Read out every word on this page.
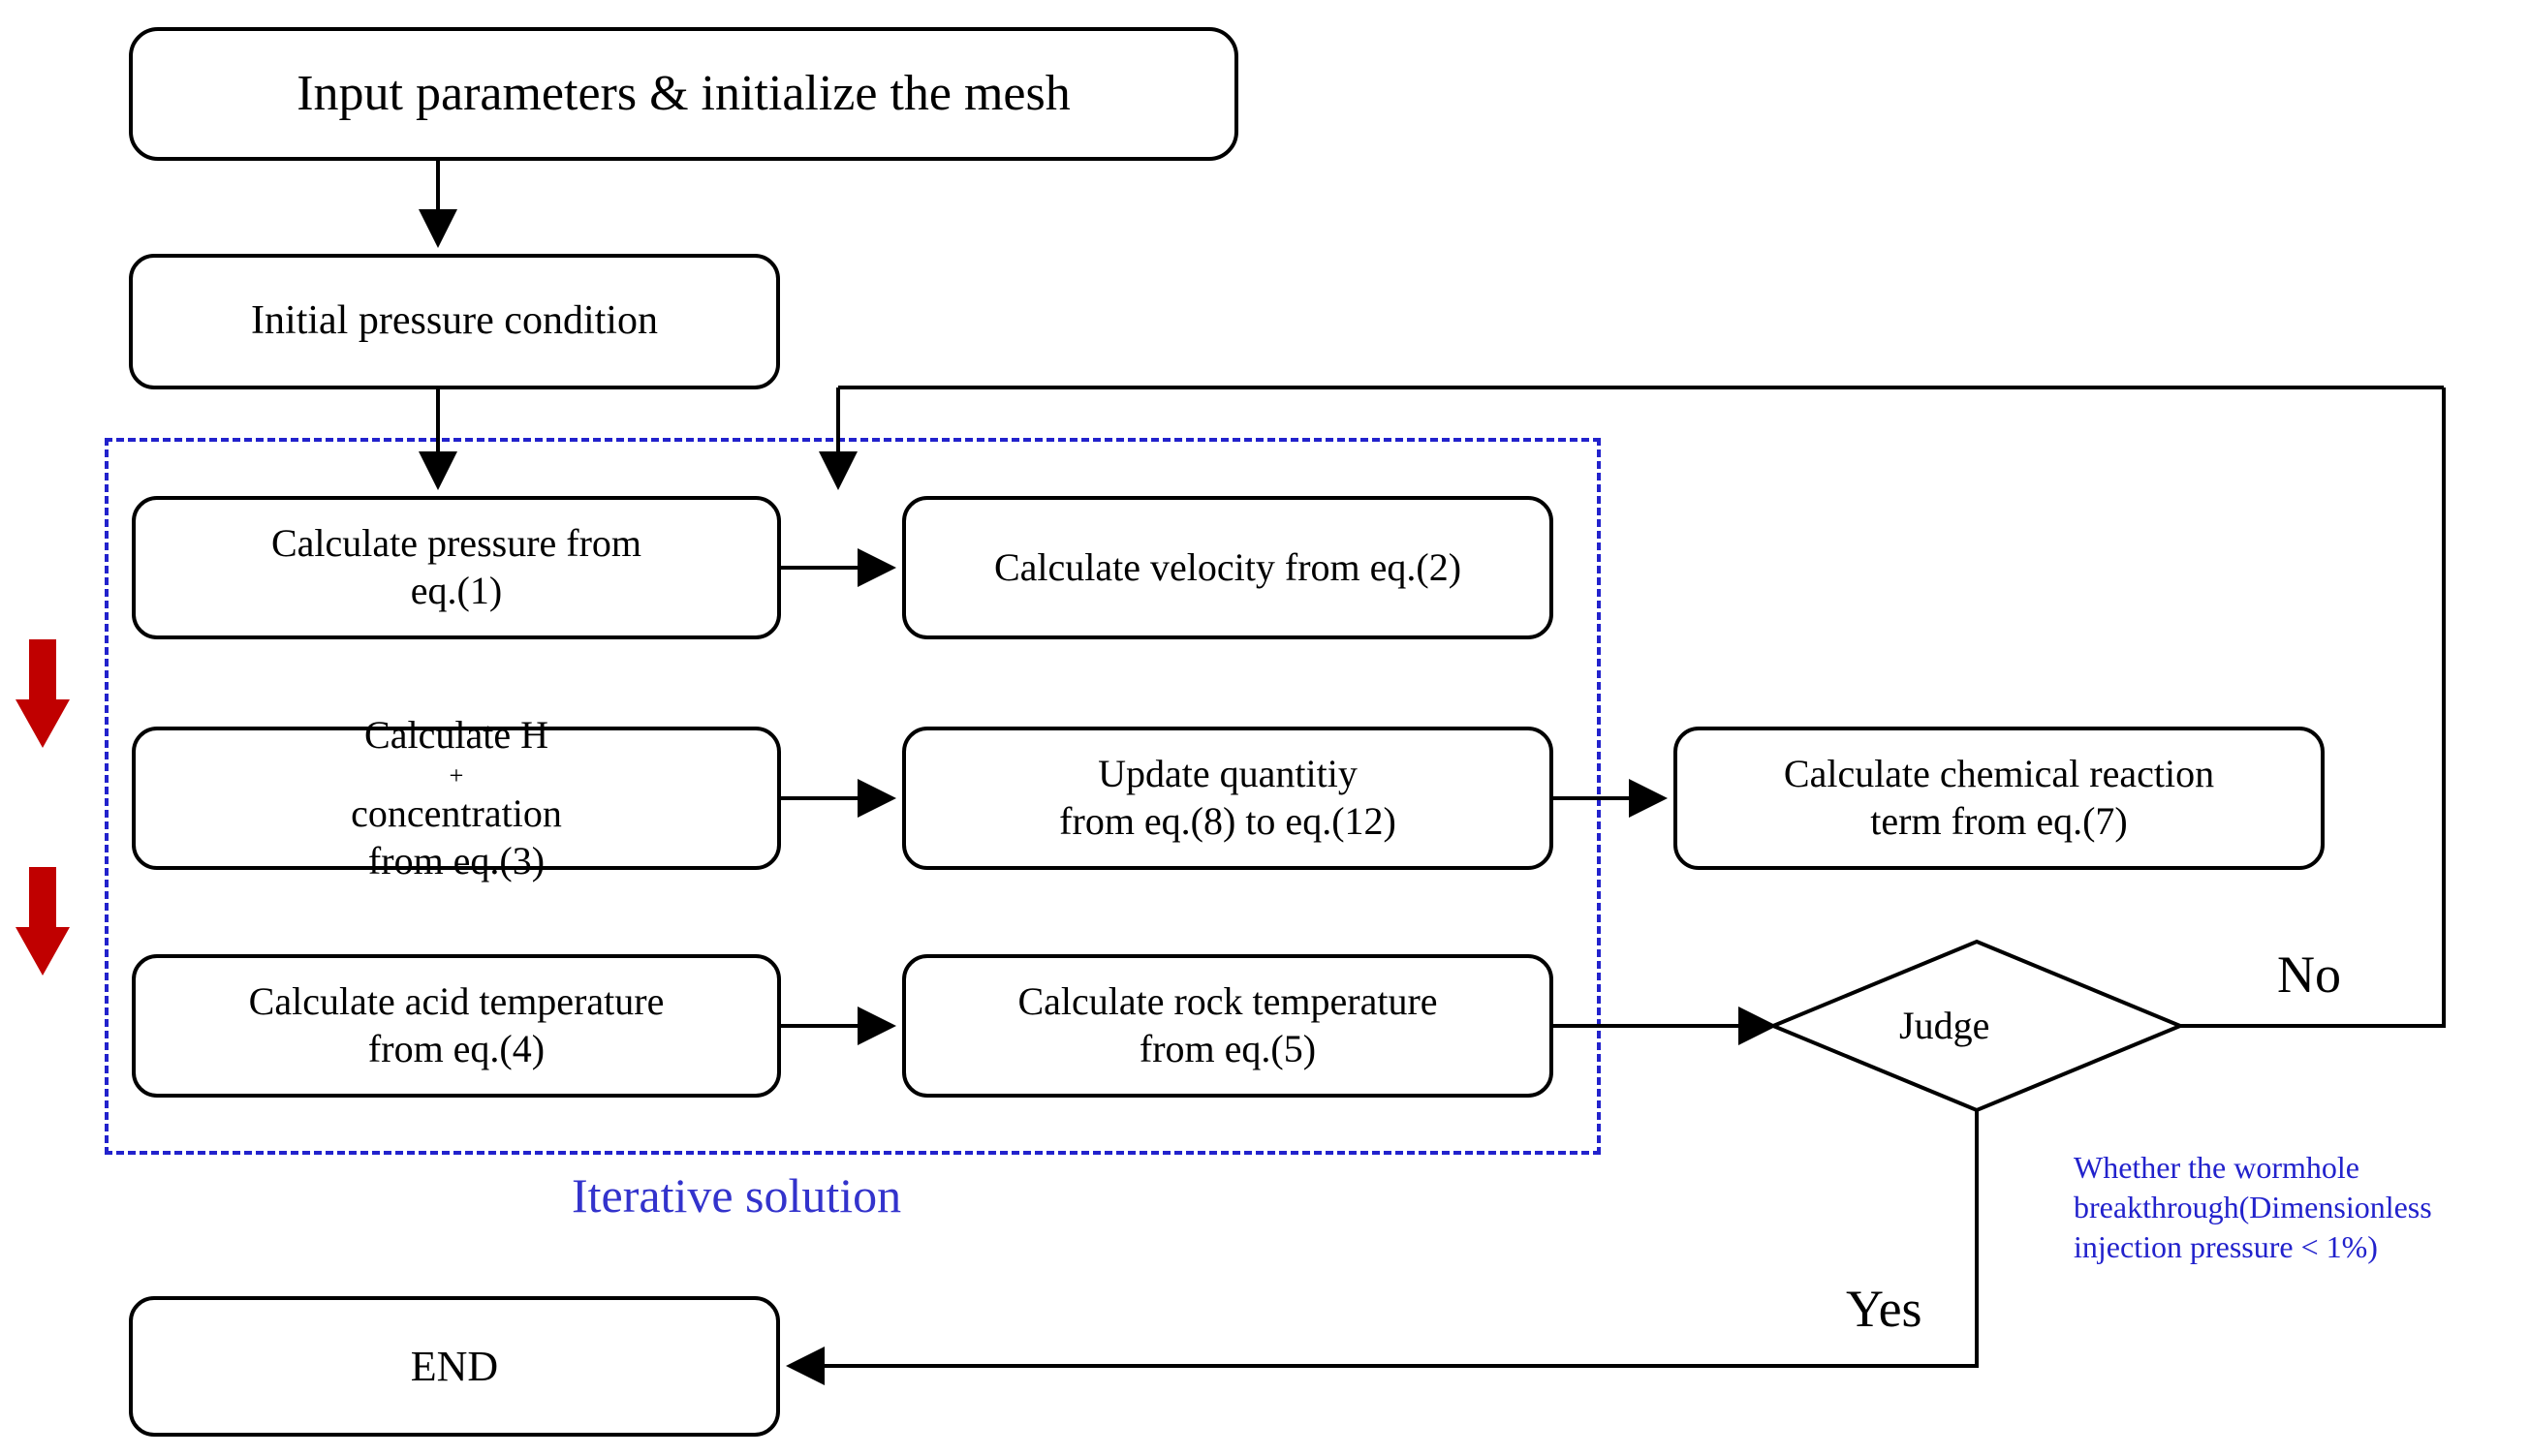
Judge
Input parameters & initialize the mesh
Initial pressure condition
Calculate pressure from
eq.(1)
Calculate velocity from eq.(2)
Calculate H
+
concentration
from eq.(3)
Update quantitiy
from eq.(8) to eq.(12)
Calculate chemical reaction
term from eq.(7)
Calculate acid temperature
from eq.(4)
Calculate rock temperature
from eq.(5)
END
Iterative solution
No
Yes
Whether the wormhole
breakthrough(Dimensionless
injection pressure < 1%)
